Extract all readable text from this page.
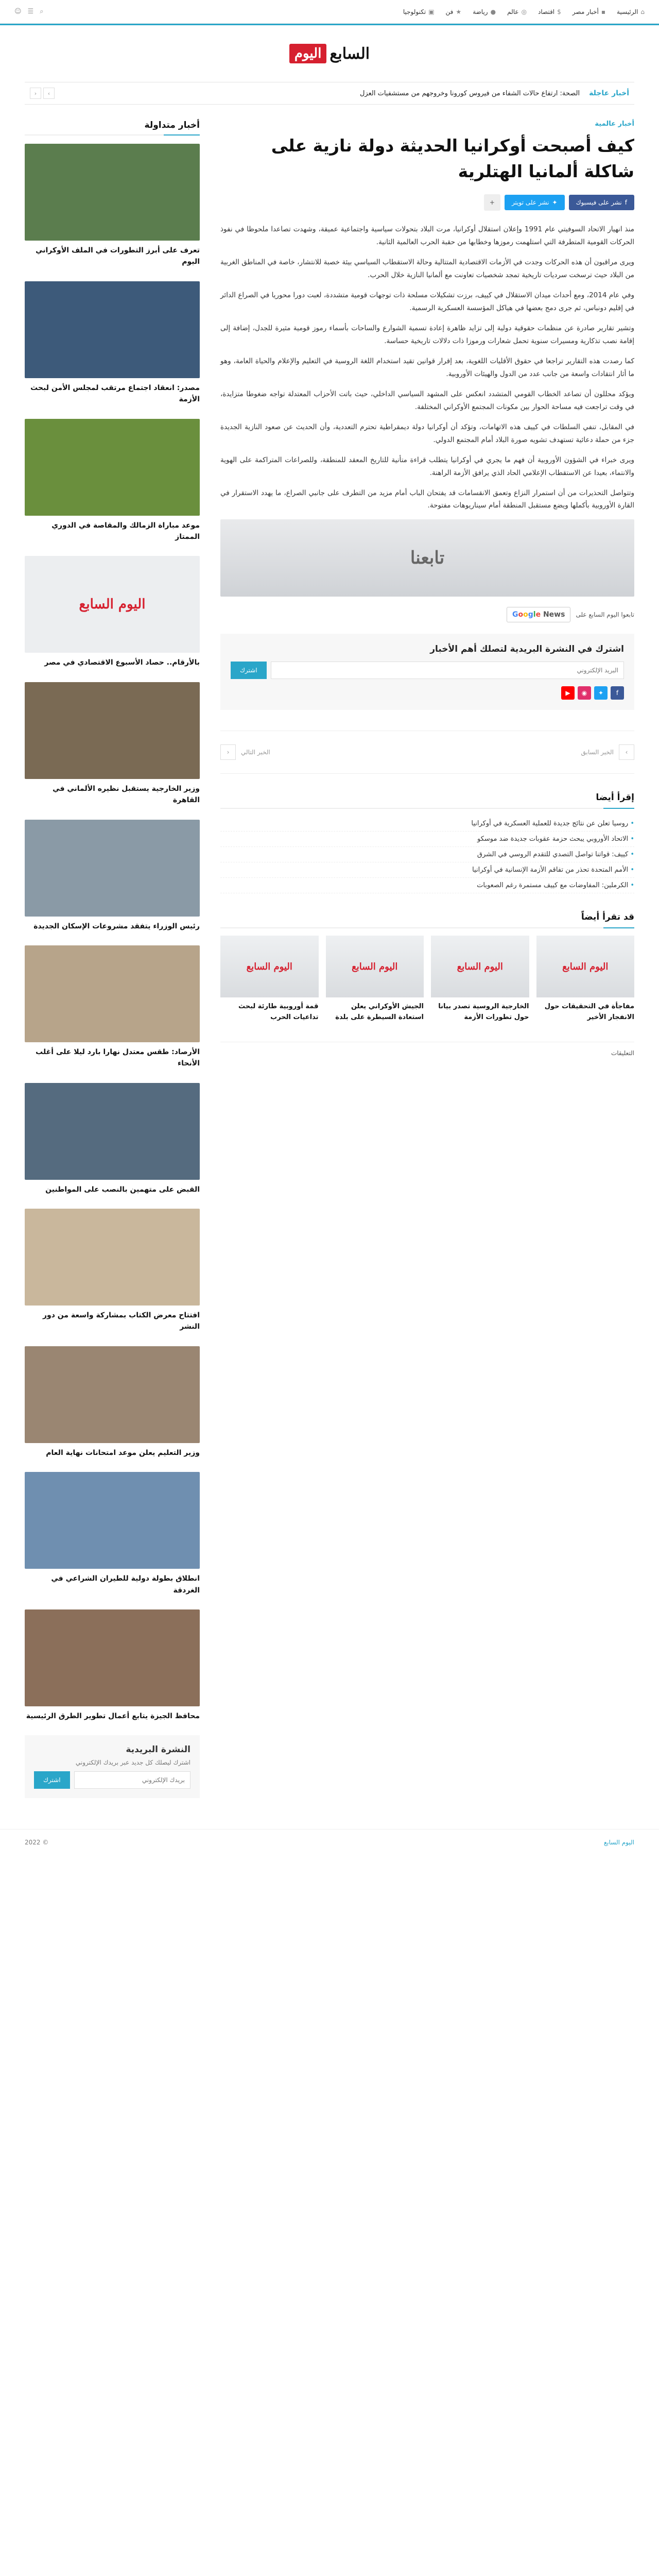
⌂
الرئيسية
▪
أخبار مصر
$
اقتصاد
◎
عالم
●
رياضة
★
فن
▣
تكنولوجيا
⌕
☰
☺
السابع
اليوم
أخبار عاجلة
الصحة: ارتفاع حالات الشفاء من فيروس كورونا وخروجهم من مستشفيات العزل
›
‹
أخبار عالمية
كيف أصبحت أوكرانيا الحديثة دولة نازية على شاكلة ألمانيا الهتلرية
f
نشر على فيسبوك
✦
نشر على تويتر
+

منذ انهيار الاتحاد السوفيتي عام 1991 وإعلان استقلال أوكرانيا، مرت البلاد بتحولات سياسية واجتماعية عميقة، وشهدت تصاعدا ملحوظا في نفوذ الحركات القومية المتطرفة التي استلهمت رموزها وخطابها من حقبة الحرب العالمية الثانية.

ويرى مراقبون أن هذه الحركات وجدت في الأزمات الاقتصادية المتتالية وحالة الاستقطاب السياسي بيئة خصبة للانتشار، خاصة في المناطق الغربية من البلاد حيث ترسخت سرديات تاريخية تمجد شخصيات تعاونت مع ألمانيا النازية خلال الحرب.

وفي عام 2014، ومع أحداث ميدان الاستقلال في كييف، برزت تشكيلات مسلحة ذات توجهات قومية متشددة، لعبت دورا محوريا في الصراع الدائر في إقليم دونباس، ثم جرى دمج بعضها في هياكل المؤسسة العسكرية الرسمية.

وتشير تقارير صادرة عن منظمات حقوقية دولية إلى تزايد ظاهرة إعادة تسمية الشوارع والساحات بأسماء رموز قومية مثيرة للجدل، إضافة إلى إقامة نصب تذكارية ومسيرات سنوية تحمل شعارات ورموزا ذات دلالات تاريخية حساسة.

كما رصدت هذه التقارير تراجعا في حقوق الأقليات اللغوية، بعد إقرار قوانين تقيد استخدام اللغة الروسية في التعليم والإعلام والحياة العامة، وهو ما أثار انتقادات واسعة من جانب عدد من الدول والهيئات الأوروبية.

ويؤكد محللون أن تصاعد الخطاب القومي المتشدد انعكس على المشهد السياسي الداخلي، حيث باتت الأحزاب المعتدلة تواجه ضغوطا متزايدة، في وقت تراجعت فيه مساحة الحوار بين مكونات المجتمع الأوكراني المختلفة.

في المقابل، تنفي السلطات في كييف هذه الاتهامات، وتؤكد أن أوكرانيا دولة ديمقراطية تحترم التعددية، وأن الحديث عن صعود النازية الجديدة جزء من حملة دعائية تستهدف تشويه صورة البلاد أمام المجتمع الدولي.

ويرى خبراء في الشؤون الأوروبية أن فهم ما يجري في أوكرانيا يتطلب قراءة متأنية للتاريخ المعقد للمنطقة، وللصراعات المتراكمة على الهوية والانتماء، بعيدا عن الاستقطاب الإعلامي الحاد الذي يرافق الأزمة الراهنة.

وتتواصل التحذيرات من أن استمرار النزاع وتعمق الانقسامات قد يفتحان الباب أمام مزيد من التطرف على جانبي الصراع، ما يهدد الاستقرار في القارة الأوروبية بأكملها ويضع مستقبل المنطقة أمام سيناريوهات مفتوحة.

تابعنا
تابعوا اليوم السابع على
Google News
اشترك في النشرة البريدية لتصلك أهم الأخبار
البريد الإلكتروني
اشترك
f
✦
◉
▶
›
الخبر السابق
الخبر التالي
‹
إقرأ أيضا
• روسيا تعلن عن نتائج جديدة للعملية العسكرية في أوكرانيا
• الاتحاد الأوروبي يبحث حزمة عقوبات جديدة ضد موسكو
• كييف: قواتنا تواصل التصدي للتقدم الروسي في الشرق
• الأمم المتحدة تحذر من تفاقم الأزمة الإنسانية في أوكرانيا
• الكرملين: المفاوضات مع كييف مستمرة رغم الصعوبات
قد تقرأ أيضاً
اليوم السابع
مفاجأة في التحقيقات حول الانفجار الأخير
اليوم السابع
الخارجية الروسية تصدر بيانا حول تطورات الأزمة
اليوم السابع
الجيش الأوكراني يعلن استعادة السيطرة على بلدة
اليوم السابع
قمة أوروبية طارئة لبحث تداعيات الحرب
التعليقات
أخبار متداولة
تعرف على أبرز التطورات في الملف الأوكراني اليوم
مصدر: انعقاد اجتماع مرتقب لمجلس الأمن لبحث الأزمة
موعد مباراة الزمالك والمقاصة في الدوري الممتاز
اليوم السابع
بالأرقام.. حصاد الأسبوع الاقتصادي في مصر
وزير الخارجية يستقبل نظيره الألماني في القاهرة
رئيس الوزراء يتفقد مشروعات الإسكان الجديدة
الأرصاد: طقس معتدل نهارا بارد ليلا على أغلب الأنحاء
القبض على متهمين بالنصب على المواطنين
افتتاح معرض الكتاب بمشاركة واسعة من دور النشر
وزير التعليم يعلن موعد امتحانات نهاية العام
انطلاق بطولة دولية للطيران الشراعي في الغردقة
محافظ الجيزة يتابع أعمال تطوير الطرق الرئيسية
النشرة البريدية

اشترك ليصلك كل جديد عبر بريدك الإلكتروني

بريدك الإلكتروني
اشترك
اليوم السابع
© 2022
